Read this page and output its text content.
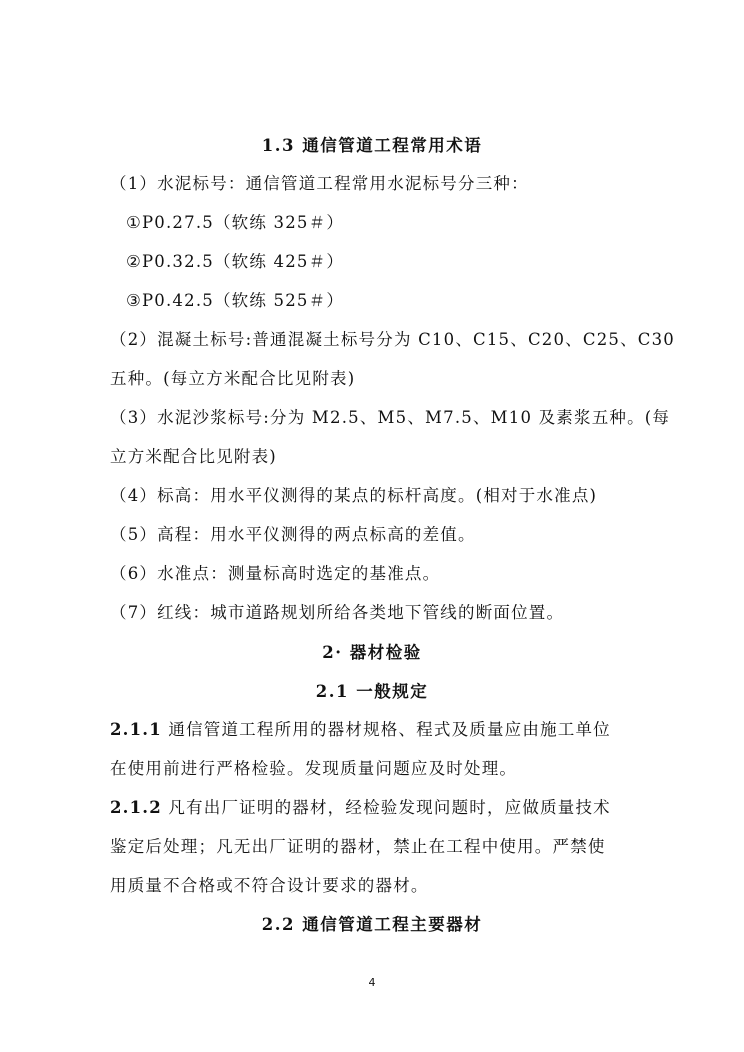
1.3 通信管道工程常用术语
（1）水泥标号：通信管道工程常用水泥标号分三种：
①P0.27.5（软练 325＃）
②P0.32.5（软练 425＃）
③P0.42.5（软练 525＃）
（2）混凝土标号:普通混凝土标号分为 C10、C15、C20、C25、C30
五种。(每立方米配合比见附表)
（3）水泥沙浆标号:分为 M2.5、M5、M7.5、M10 及素浆五种。(每
立方米配合比见附表)
（4）标高：用水平仪测得的某点的标杆高度。(相对于水准点)
（5）高程：用水平仪测得的两点标高的差值。
（6）水准点：测量标高时选定的基准点。
（7）红线：城市道路规划所给各类地下管线的断面位置。
2· 器材检验
2.1 一般规定
2.1.1 通信管道工程所用的器材规格、程式及质量应由施工单位
在使用前进行严格检验。发现质量问题应及时处理。
2.1.2 凡有出厂证明的器材，经检验发现问题时，应做质量技术
鉴定后处理；凡无出厂证明的器材，禁止在工程中使用。严禁使
用质量不合格或不符合设计要求的器材。
2.2 通信管道工程主要器材
4
